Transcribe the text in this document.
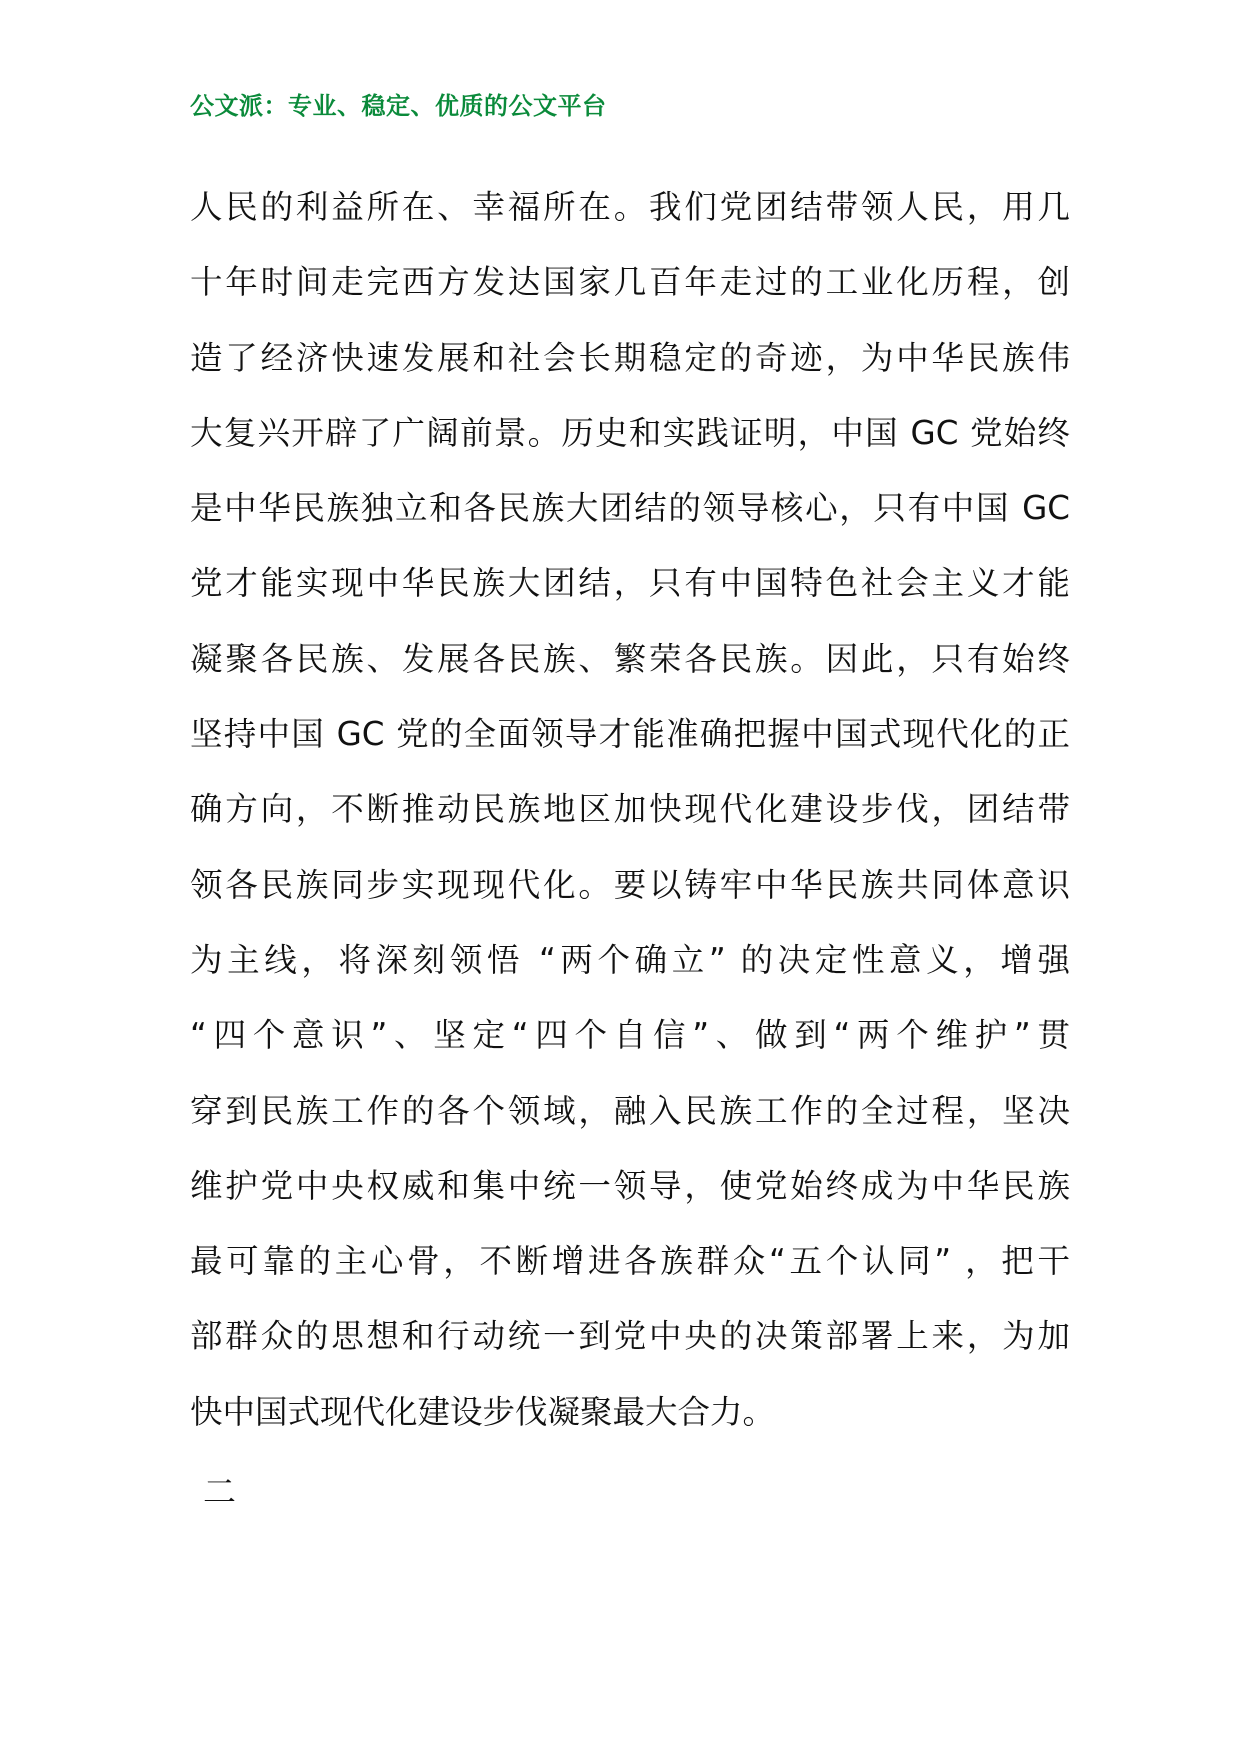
公文派：专业、稳定、优质的公文平台
人民的利益所在、幸福所在。我们党团结带领人民，用几
十年时间走完西方发达国家几百年走过的工业化历程，创
造了经济快速发展和社会长期稳定的奇迹，为中华民族伟
大复兴开辟了广阔前景。历史和实践证明，中国 GC 党始终
是中华民族独立和各民族大团结的领导核心，只有中国 GC
党才能实现中华民族大团结，只有中国特色社会主义才能
凝聚各民族、发展各民族、繁荣各民族。因此，只有始终
坚持中国 GC 党的全面领导才能准确把握中国式现代化的正
确方向，不断推动民族地区加快现代化建设步伐，团结带
领各民族同步实现现代化。要以铸牢中华民族共同体意识
为主线，将深刻领悟 “两个确立” 的决定性意义，增强
“四个意识”、坚定“四个自信”、做到“两个维护”贯
穿到民族工作的各个领域，融入民族工作的全过程，坚决
维护党中央权威和集中统一领导，使党始终成为中华民族
最可靠的主心骨，不断增进各族群众“五个认同” ，把干
部群众的思想和行动统一到党中央的决策部署上来，为加
快中国式现代化建设步伐凝聚最大合力。
二
